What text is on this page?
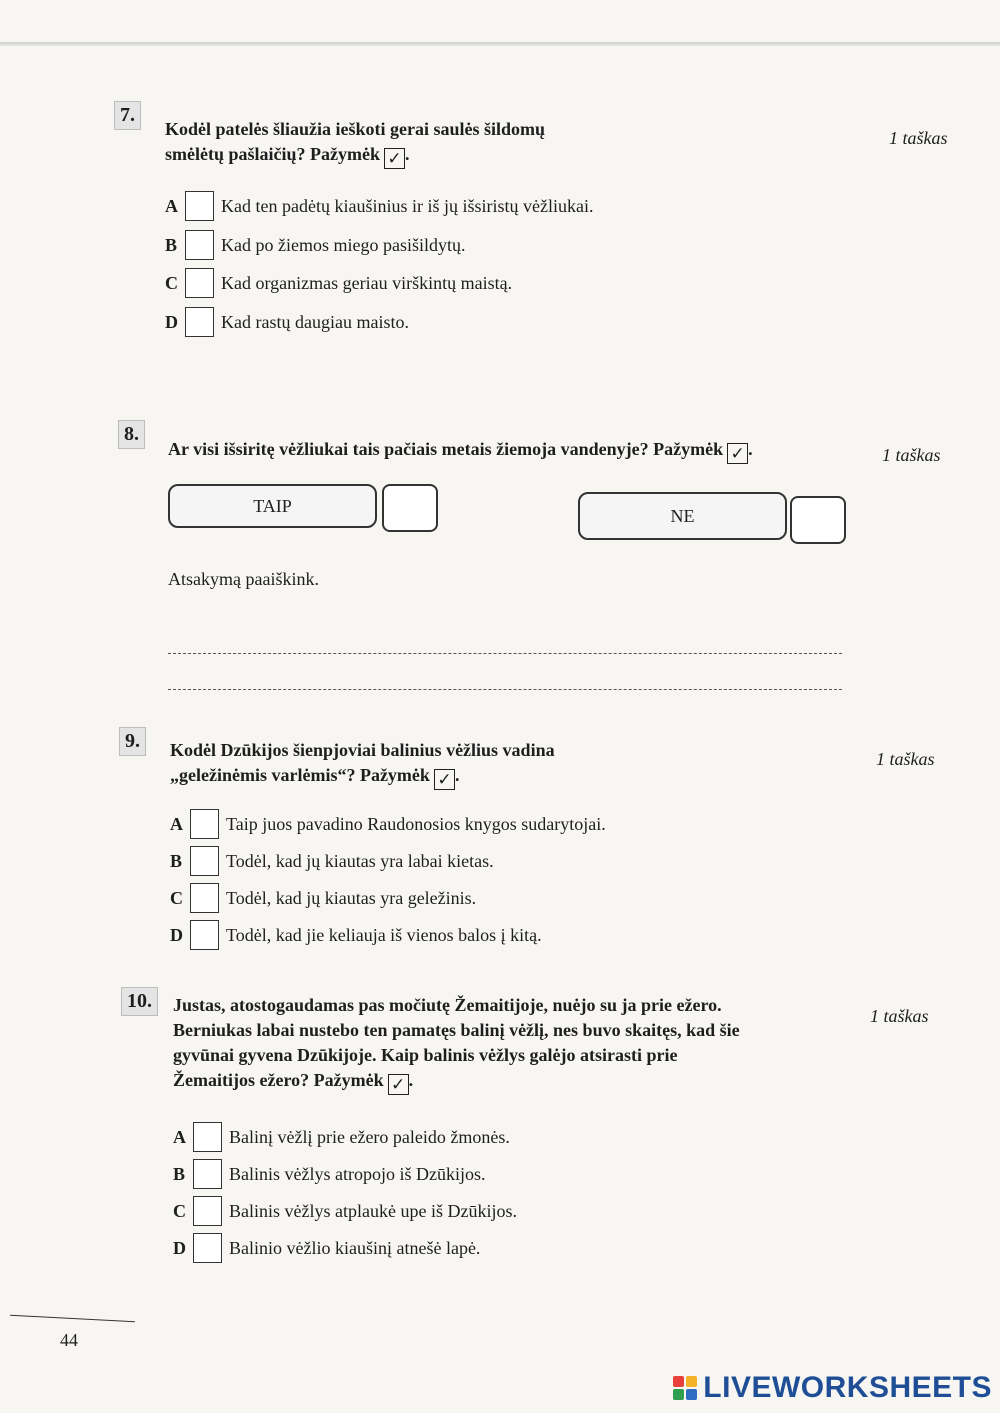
7.
Kodėl patelės šliaužia ieškoti gerai saulės šildomų
smėlėtų pašlaičių? Pažymėk ✓ .
1 taškas
A	Kad ten padėtų kiaušinius ir iš jų išsiristų vėžliukai.
B	Kad po žiemos miego pasišildytų.
C	Kad organizmas geriau virškintų maistą.
D	Kad rastų daugiau maisto.
8.
Ar visi išsiritę vėžliukai tais pačiais metais žiemoja vandenyje? Pažymėk ✓ .	1 taškas
TAIP	NE
Atsakymą paaiškink.
9.	Kodėl Dzūkijos šienpjoviai balinius vėžlius vadina
„geležinėmis varlėmis“? Pažymėk ✓ .
1 taškas
A	Taip juos pavadino Raudonosios knygos sudarytojai.
B	Todėl, kad jų kiautas yra labai kietas.
C	Todėl, kad jų kiautas yra geležinis.
D	Todėl, kad jie keliauja iš vienos balos į kitą.
10.	Justas, atostogaudamas pas močiutę Žemaitijoje, nuėjo su ja prie ežero.
Berniukas labai nustebo ten pamatęs balinį vėžlį, nes buvo skaitęs, kad šie
gyvūnai gyvena Dzūkijoje. Kaip balinis vėžlys galėjo atsirasti prie
Žemaitijos ežero? Pažymėk ✓ .
1 taškas
A	Balinį vėžlį prie ežero paleido žmonės.
B	Balinis vėžlys atropojo iš Dzūkijos.
C	Balinis vėžlys atplaukė upe iš Dzūkijos.
D	Balinio vėžlio kiaušinį atnešė lapė.
44
LIVEWORKSHEETS
